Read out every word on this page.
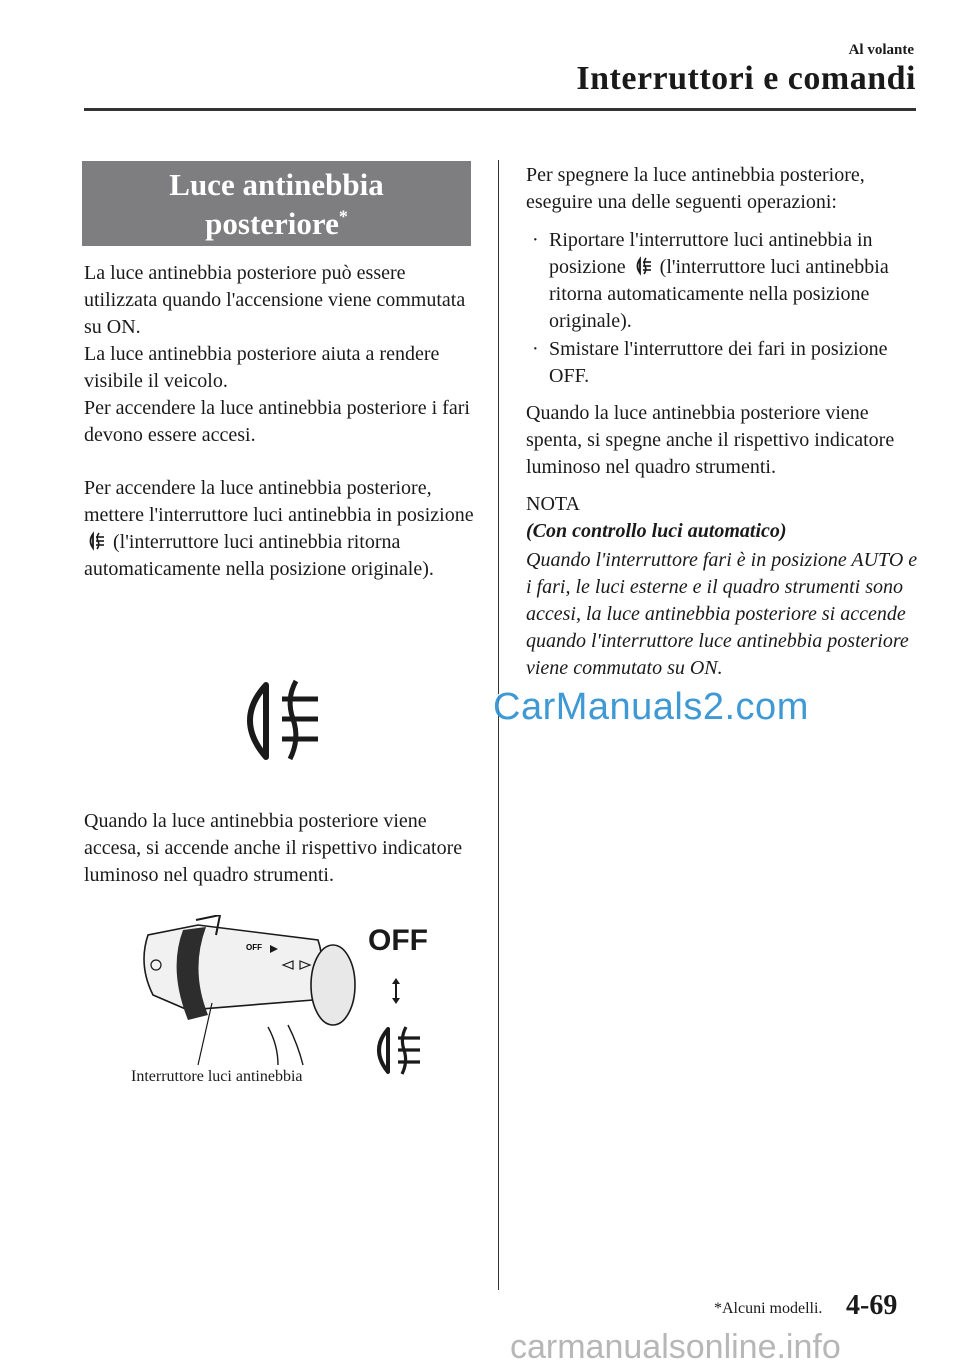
Al volante
Interruttori e comandi
Luce antinebbia
posteriore*

La luce antinebbia posteriore può essere utilizzata quando l'accensione viene commutata su ON.

La luce antinebbia posteriore aiuta a rendere visibile il veicolo.

Per accendere la luce antinebbia posteriore i fari devono essere accesi.

Per accendere la luce antinebbia posteriore, mettere l'interruttore luci antinebbia in posizione  (l'interruttore luci antinebbia ritorna automaticamente nella posizione originale).

Quando la luce antinebbia posteriore viene accesa, si accende anche il rispettivo indicatore luminoso nel quadro strumenti.

OFF
Interruttore luci antinebbia
OFF

Per spegnere la luce antinebbia posteriore, eseguire una delle seguenti operazioni:

· Riportare l'interruttore luci antinebbia in posizione (l'interruttore luci antinebbia ritorna automaticamente nella posizione originale).
· Smistare l'interruttore dei fari in posizione OFF.

Quando la luce antinebbia posteriore viene spenta, si spegne anche il rispettivo indicatore luminoso nel quadro strumenti.

NOTA
(Con controllo luci automatico)

Quando l'interruttore fari è in posizione AUTO e i fari, le luci esterne e il quadro strumenti sono accesi, la luce antinebbia posteriore si accende quando l'interruttore luce antinebbia posteriore viene commutato su ON.

CarManuals2.com
*Alcuni modelli. 4-69
carmanualsonline.info
